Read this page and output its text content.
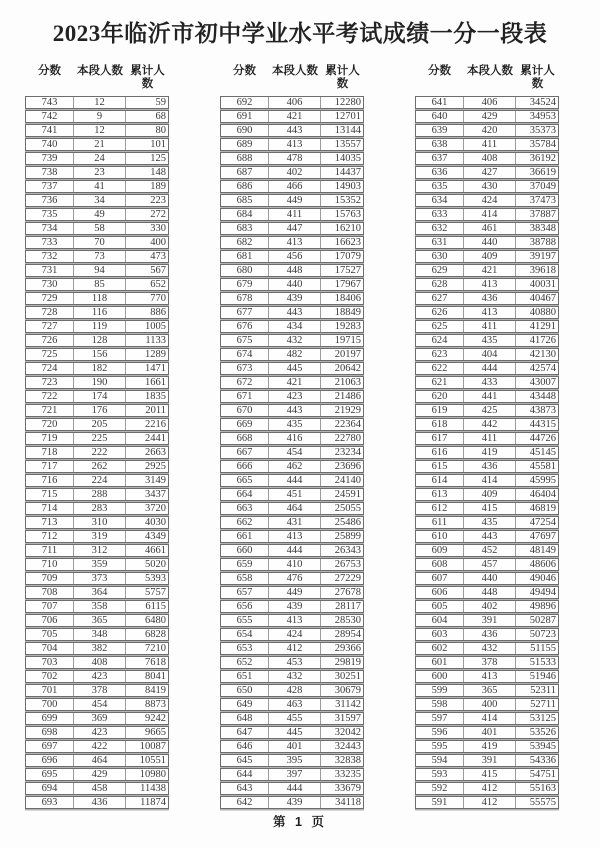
2023年临沂市初中学业水平考试成绩一分一段表
分数	本段人数 累计人数
743	12	59
742	9	68
741	12	80
740	21	101
739	24	125
738	23	148
737	41	189
736	34	223
735	49	272
734	58	330
733	70	400
732	73	473
731	94	567
730	85	652
729	118	770
728	116	886
727	119	1005
726	128	1133
725	156	1289
724	182	1471
723	190	1661
722	174	1835
721	176	2011
720	205	2216
719	225	2441
718	222	2663
717	262	2925
716	224	3149
715	288	3437
714	283	3720
713	310	4030
712	319	4349
711	312	4661
710	359	5020
709	373	5393
708	364	5757
707	358	6115
706	365	6480
705	348	6828
704	382	7210
703	408	7618
702	423	8041
701	378	8419
700	454	8873
699	369	9242
698	423	9665
697	422	10087
696	464	10551
695	429	10980
694	458	11438
693	436	11874
分数	本段人数 累计人数
692	406	12280
691	421	12701
690	443	13144
689	413	13557
688	478	14035
687	402	14437
686	466	14903
685	449	15352
684	411	15763
683	447	16210
682	413	16623
681	456	17079
680	448	17527
679	440	17967
678	439	18406
677	443	18849
676	434	19283
675	432	19715
674	482	20197
673	445	20642
672	421	21063
671	423	21486
670	443	21929
669	435	22364
668	416	22780
667	454	23234
666	462	23696
665	444	24140
664	451	24591
663	464	25055
662	431	25486
661	413	25899
660	444	26343
659	410	26753
658	476	27229
657	449	27678
656	439	28117
655	413	28530
654	424	28954
653	412	29366
652	453	29819
651	432	30251
650	428	30679
649	463	31142
648	455	31597
647	445	32042
646	401	32443
645	395	32838
644	397	33235
643	444	33679
642	439	34118
分数	本段人数 累计人数
641	406	34524
640	429	34953
639	420	35373
638	411	35784
637	408	36192
636	427	36619
635	430	37049
634	424	37473
633	414	37887
632	461	38348
631	440	38788
630	409	39197
629	421	39618
628	413	40031
627	436	40467
626	413	40880
625	411	41291
624	435	41726
623	404	42130
622	444	42574
621	433	43007
620	441	43448
619	425	43873
618	442	44315
617	411	44726
616	419	45145
615	436	45581
614	414	45995
613	409	46404
612	415	46819
611	435	47254
610	443	47697
609	452	48149
608	457	48606
607	440	49046
606	448	49494
605	402	49896
604	391	50287
603	436	50723
602	432	51155
601	378	51533
600	413	51946
599	365	52311
598	400	52711
597	414	53125
596	401	53526
595	419	53945
594	391	54336
593	415	54751
592	412	55163
591	412	55575
第 1 页
